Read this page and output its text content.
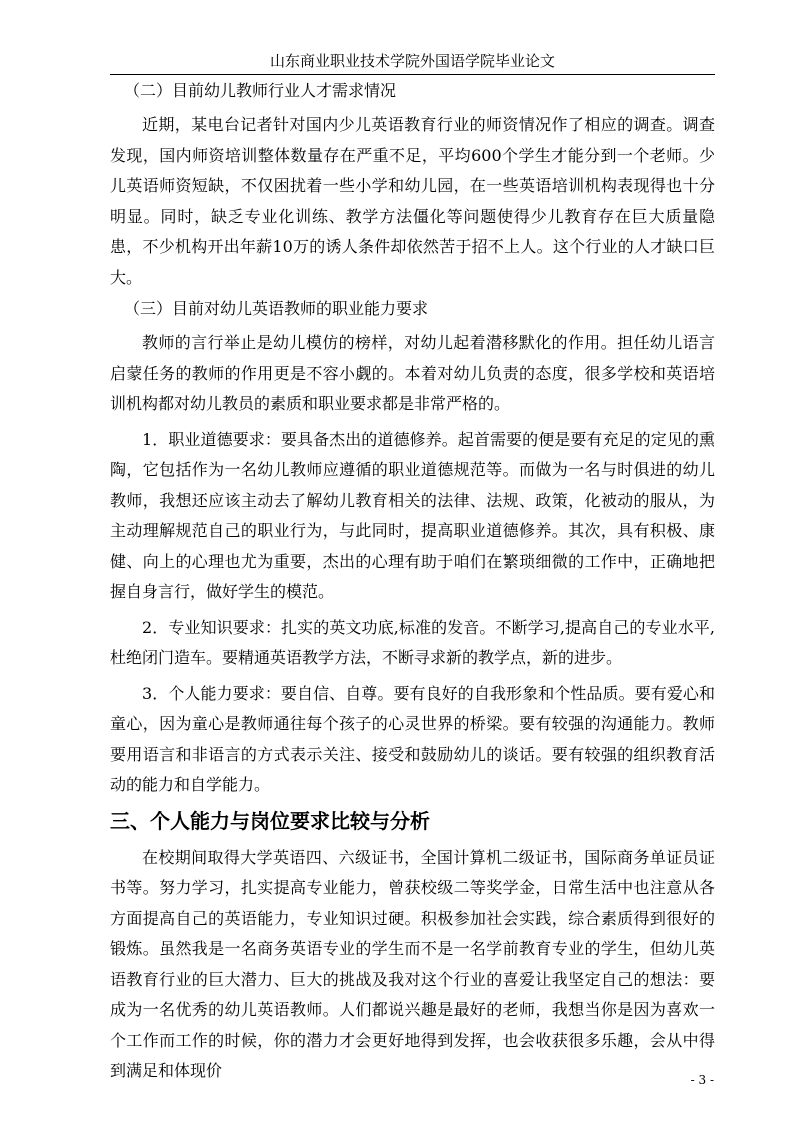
山东商业职业技术学院外国语学院毕业论文
（二）目前幼儿教师行业人才需求情况

近期，某电台记者针对国内少儿英语教育行业的师资情况作了相应的调查。调查发现，国内师资培训整体数量存在严重不足，平均600个学生才能分到一个老师。少儿英语师资短缺，不仅困扰着一些小学和幼儿园，在一些英语培训机构表现得也十分明显。同时，缺乏专业化训练、教学方法僵化等问题使得少儿教育存在巨大质量隐患，不少机构开出年薪10万的诱人条件却依然苦于招不上人。这个行业的人才缺口巨大。

（三）目前对幼儿英语教师的职业能力要求

教师的言行举止是幼儿模仿的榜样，对幼儿起着潜移默化的作用。担任幼儿语言启蒙任务的教师的作用更是不容小觑的。本着对幼儿负责的态度，很多学校和英语培训机构都对幼儿教员的素质和职业要求都是非常严格的。

1．职业道德要求：要具备杰出的道德修养。起首需要的便是要有充足的定见的熏陶，它包括作为一名幼儿教师应遵循的职业道德规范等。而做为一名与时俱进的幼儿教师，我想还应该主动去了解幼儿教育相关的法律、法规、政策，化被动的服从，为主动理解规范自己的职业行为，与此同时，提高职业道德修养。其次，具有积极、康健、向上的心理也尤为重要，杰出的心理有助于咱们在繁琐细微的工作中，正确地把握自身言行，做好学生的模范。

2．专业知识要求：扎实的英文功底,标准的发音。不断学习,提高自己的专业水平,杜绝闭门造车。要精通英语教学方法，不断寻求新的教学点，新的进步。

3．个人能力要求：要自信、自尊。要有良好的自我形象和个性品质。要有爱心和童心，因为童心是教师通往每个孩子的心灵世界的桥梁。要有较强的沟通能力。教师要用语言和非语言的方式表示关注、接受和鼓励幼儿的谈话。要有较强的组织教育活动的能力和自学能力。

三、个人能力与岗位要求比较与分析

在校期间取得大学英语四、六级证书，全国计算机二级证书，国际商务单证员证书等。努力学习，扎实提高专业能力，曾获校级二等奖学金，日常生活中也注意从各方面提高自己的英语能力，专业知识过硬。积极参加社会实践，综合素质得到很好的锻炼。虽然我是一名商务英语专业的学生而不是一名学前教育专业的学生，但幼儿英语教育行业的巨大潜力、巨大的挑战及我对这个行业的喜爱让我坚定自己的想法：要成为一名优秀的幼儿英语教师。人们都说兴趣是最好的老师，我想当你是因为喜欢一个工作而工作的时候，你的潜力才会更好地得到发挥，也会收获很多乐趣，会从中得到满足和体现价	- 3 -
